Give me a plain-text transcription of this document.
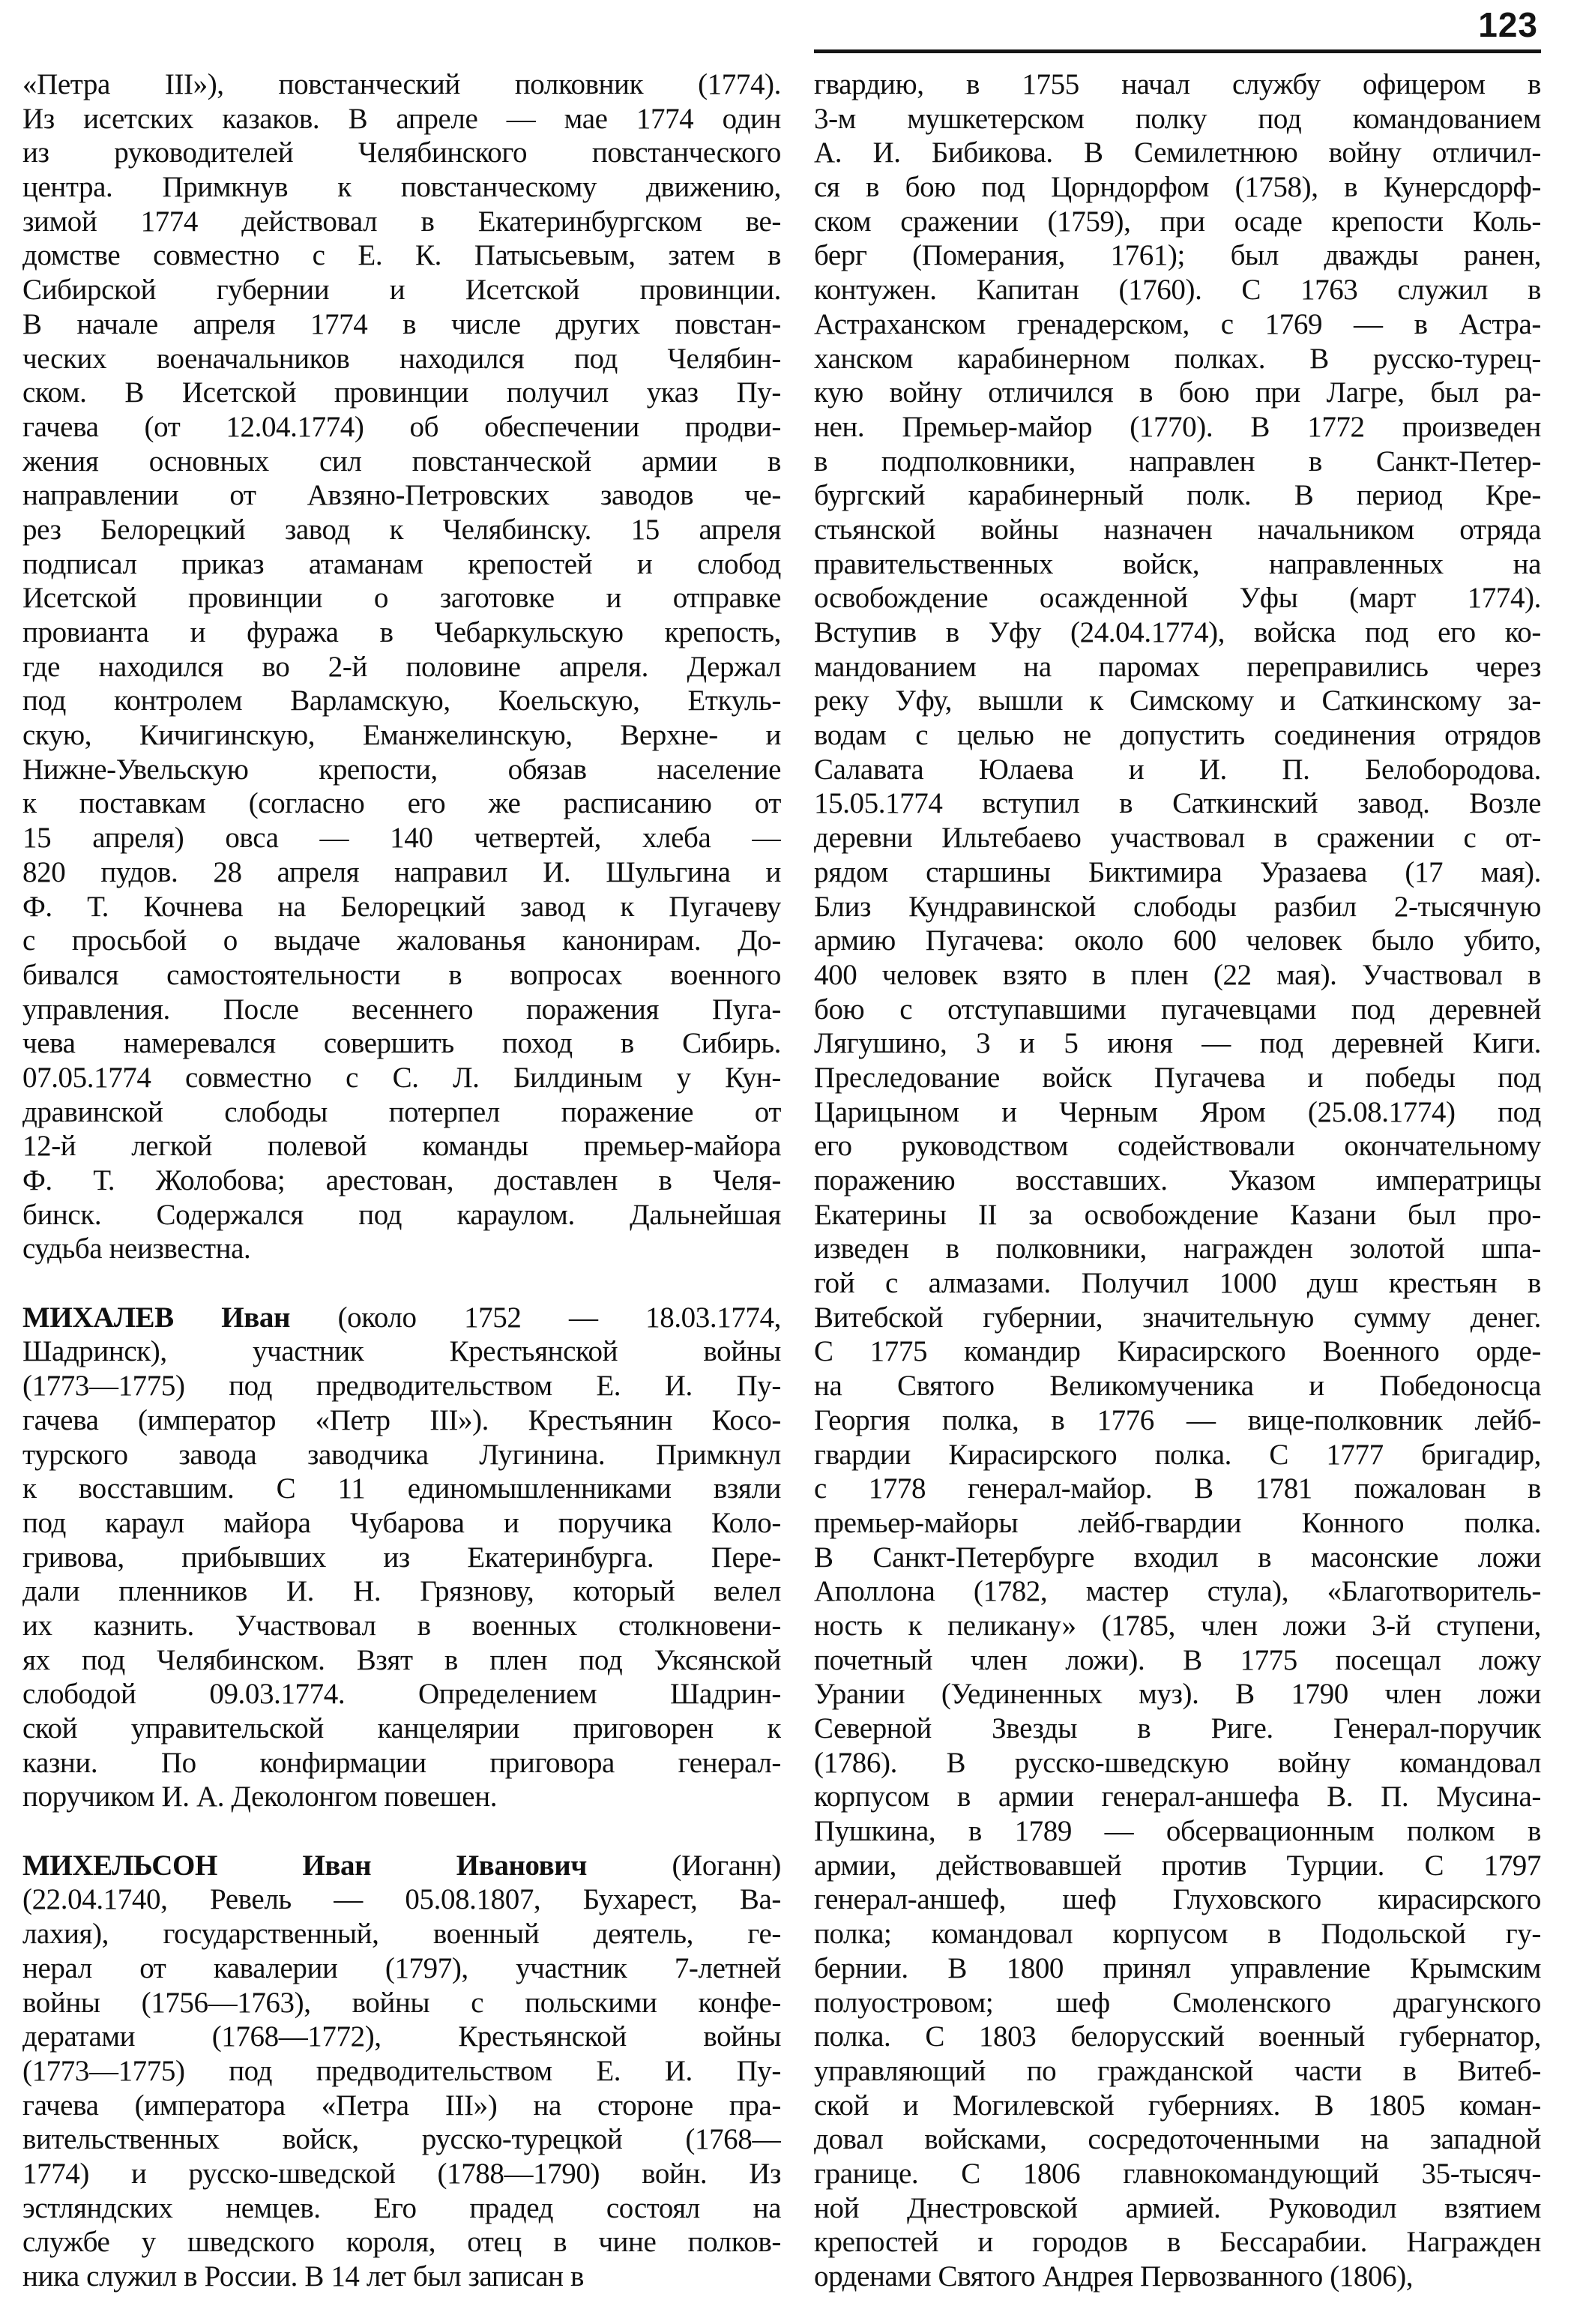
123
«Петра III»), повстанческий полковник (1774).
Из исетских казаков. В апреле — мае 1774 один
из руководителей Челябинского повстанческого
центра. Примкнув к повстанческому движению,
зимой 1774 действовал в Екатеринбургском ве-
домстве совместно с Е. К. Патысьевым, затем в
Сибирской губернии и Исетской провинции.
В начале апреля 1774 в числе других повстан-
ческих военачальников находился под Челябин-
ском. В Исетской провинции получил указ Пу-
гачева (от 12.04.1774) об обеспечении продви-
жения основных сил повстанческой армии в
направлении от Авзяно-Петровских заводов че-
рез Белорецкий завод к Челябинску. 15 апреля
подписал приказ атаманам крепостей и слобод
Исетской провинции о заготовке и отправке
провианта и фуража в Чебаркульскую крепость,
где находился во 2-й половине апреля. Держал
под контролем Варламскую, Коельскую, Еткуль-
скую, Кичигинскую, Еманжелинскую, Верхне- и
Нижне-Увельскую крепости, обязав население
к поставкам (согласно его же расписанию от
15 апреля) овса — 140 четвертей, хлеба —
820 пудов. 28 апреля направил И. Шульгина и
Ф. Т. Кочнева на Белорецкий завод к Пугачеву
с просьбой о выдаче жалованья канонирам. До-
бивался самостоятельности в вопросах военного
управления. После весеннего поражения Пуга-
чева намеревался совершить поход в Сибирь.
07.05.1774 совместно с С. Л. Билдиным у Кун-
дравинской слободы потерпел поражение от
12-й легкой полевой команды премьер-майора
Ф. Т. Жолобова; арестован, доставлен в Челя-
бинск. Содержался под караулом. Дальнейшая
судьба неизвестна.
МИХАЛЕВ Иван (около 1752 — 18.03.1774,
Шадринск), участник Крестьянской войны
(1773—1775) под предводительством Е. И. Пу-
гачева (император «Петр III»). Крестьянин Косо-
турского завода заводчика Лугинина. Примкнул
к восставшим. С 11 единомышленниками взяли
под караул майора Чубарова и поручика Коло-
гривова, прибывших из Екатеринбурга. Пере-
дали пленников И. Н. Грязнову, который велел
их казнить. Участвовал в военных столкновени-
ях под Челябинском. Взят в плен под Уксянской
слободой 09.03.1774. Определением Шадрин-
ской управительской канцелярии приговорен к
казни. По конфирмации приговора генерал-
поручиком И. А. Деколонгом повешен.
МИХЕЛЬСОН Иван Иванович (Иоганн)
(22.04.1740, Ревель — 05.08.1807, Бухарест, Ва-
лахия), государственный, военный деятель, ге-
нерал от кавалерии (1797), участник 7-летней
войны (1756—1763), войны с польскими конфе-
дератами (1768—1772), Крестьянской войны
(1773—1775) под предводительством Е. И. Пу-
гачева (императора «Петра III») на стороне пра-
вительственных войск, русско-турецкой (1768—
1774) и русско-шведской (1788—1790) войн. Из
эстляндских немцев. Его прадед состоял на
службе у шведского короля, отец в чине полков-
ника служил в России. В 14 лет был записан в
гвардию, в 1755 начал службу офицером в
3-м мушкетерском полку под командованием
А. И. Бибикова. В Семилетнюю войну отличил-
ся в бою под Цорндорфом (1758), в Кунерсдорф-
ском сражении (1759), при осаде крепости Коль-
берг (Померания, 1761); был дважды ранен,
контужен. Капитан (1760). С 1763 служил в
Астраханском гренадерском, с 1769 — в Астра-
ханском карабинерном полках. В русско-турец-
кую войну отличился в бою при Лагре, был ра-
нен. Премьер-майор (1770). В 1772 произведен
в подполковники, направлен в Санкт-Петер-
бургский карабинерный полк. В период Кре-
стьянской войны назначен начальником отряда
правительственных войск, направленных на
освобождение осажденной Уфы (март 1774).
Вступив в Уфу (24.04.1774), войска под его ко-
мандованием на паромах переправились через
реку Уфу, вышли к Симскому и Саткинскому за-
водам с целью не допустить соединения отрядов
Салавата Юлаева и И. П. Белобородова.
15.05.1774 вступил в Саткинский завод. Возле
деревни Ильтебаево участвовал в сражении с от-
рядом старшины Биктимира Уразаева (17 мая).
Близ Кундравинской слободы разбил 2-тысячную
армию Пугачева: около 600 человек было убито,
400 человек взято в плен (22 мая). Участвовал в
бою с отступавшими пугачевцами под деревней
Лягушино, 3 и 5 июня — под деревней Киги.
Преследование войск Пугачева и победы под
Царицыном и Черным Яром (25.08.1774) под
его руководством содействовали окончательному
поражению восставших. Указом императрицы
Екатерины II за освобождение Казани был про-
изведен в полковники, награжден золотой шпа-
гой с алмазами. Получил 1000 душ крестьян в
Витебской губернии, значительную сумму денег.
С 1775 командир Кирасирского Военного орде-
на Святого Великомученика и Победоносца
Георгия полка, в 1776 — вице-полковник лейб-
гвардии Кирасирского полка. С 1777 бригадир,
с 1778 генерал-майор. В 1781 пожалован в
премьер-майоры лейб-гвардии Конного полка.
В Санкт-Петербурге входил в масонские ложи
Аполлона (1782, мастер стула), «Благотворитель-
ность к пеликану» (1785, член ложи 3-й ступени,
почетный член ложи). В 1775 посещал ложу
Урании (Уединенных муз). В 1790 член ложи
Северной Звезды в Риге. Генерал-поручик
(1786). В русско-шведскую войну командовал
корпусом в армии генерал-аншефа В. П. Мусина-
Пушкина, в 1789 — обсервационным полком в
армии, действовавшей против Турции. С 1797
генерал-аншеф, шеф Глуховского кирасирского
полка; командовал корпусом в Подольской гу-
бернии. В 1800 принял управление Крымским
полуостровом; шеф Смоленского драгунского
полка. С 1803 белорусский военный губернатор,
управляющий по гражданской части в Витеб-
ской и Могилевской губерниях. В 1805 коман-
довал войсками, сосредоточенными на западной
границе. С 1806 главнокомандующий 35-тысяч-
ной Днестровской армией. Руководил взятием
крепостей и городов в Бессарабии. Награжден
орденами Святого Андрея Первозванного (1806),
